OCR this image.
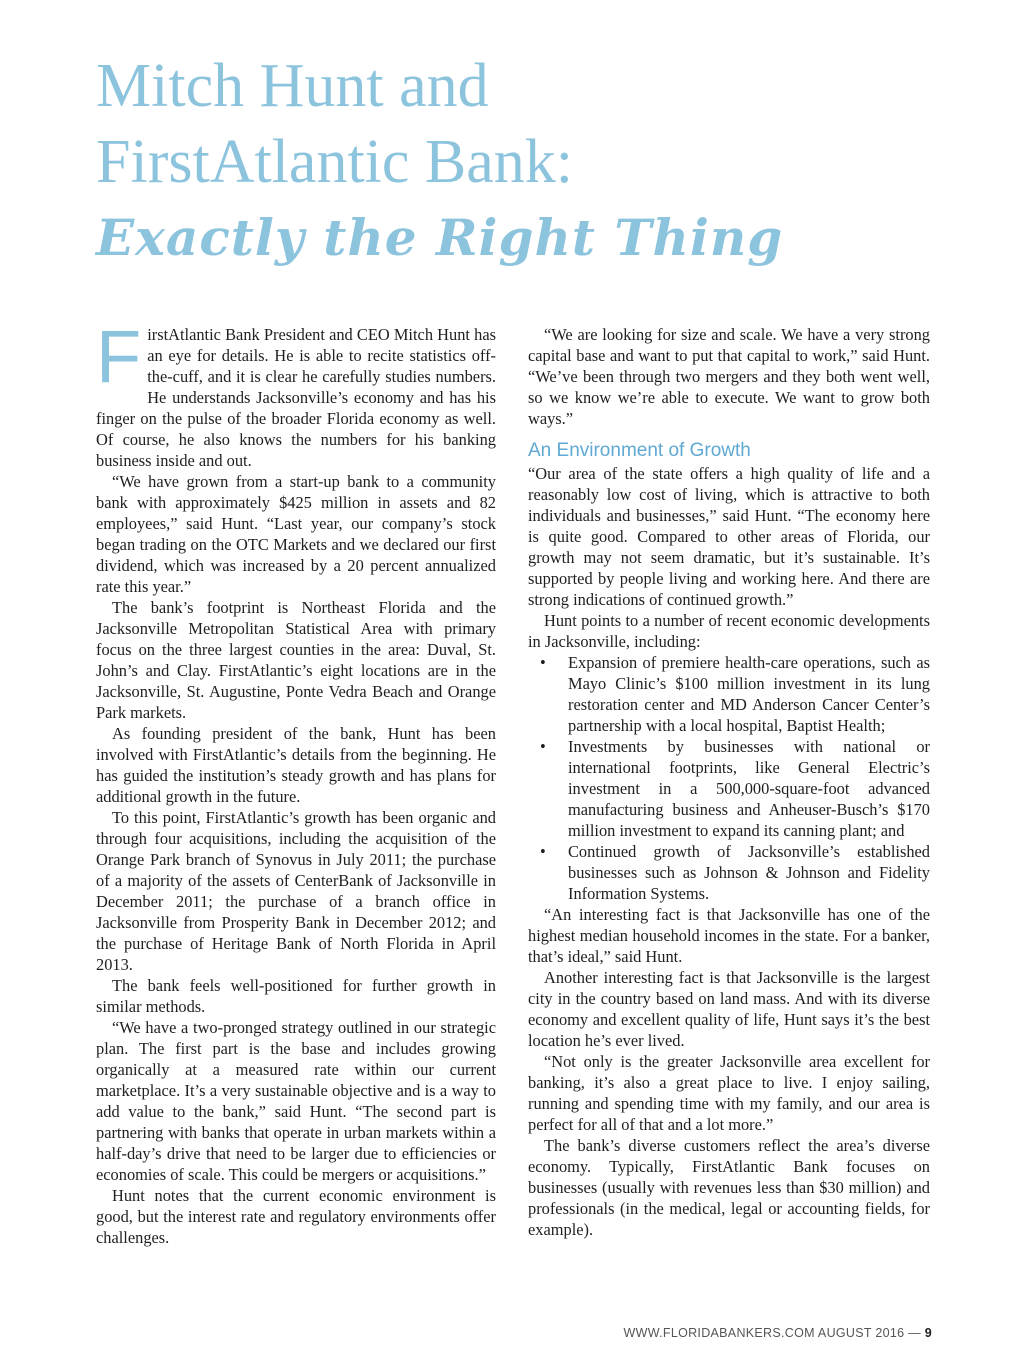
Mitch Hunt and
FirstAtlantic Bank:
Exactly the Right Thing

FirstAtlantic Bank President and CEO Mitch Hunt has an eye for details. He is able to recite statistics off-the-cuff, and it is clear he carefully studies numbers. He understands Jacksonville’s economy and has his finger on the pulse of the broader Florida economy as well. Of course, he also knows the numbers for his banking business inside and out.

“We have grown from a start-up bank to a community bank with approximately $425 million in assets and 82 employees,” said Hunt. “Last year, our company’s stock began trading on the OTC Markets and we declared our first dividend, which was increased by a 20 percent annualized rate this year.”

The bank’s footprint is Northeast Florida and the Jacksonville Metropolitan Statistical Area with primary focus on the three largest counties in the area: Duval, St. John’s and Clay. FirstAtlantic’s eight locations are in the Jacksonville, St. Augustine, Ponte Vedra Beach and Orange Park markets.

As founding president of the bank, Hunt has been involved with FirstAtlantic’s details from the beginning. He has guided the institution’s steady growth and has plans for additional growth in the future.

To this point, FirstAtlantic’s growth has been organic and through four acquisitions, including the acquisition of the Orange Park branch of Synovus in July 2011; the purchase of a majority of the assets of CenterBank of Jacksonville in December 2011; the purchase of a branch office in Jacksonville from Prosperity Bank in December 2012; and the purchase of Heritage Bank of North Florida in April 2013.

The bank feels well-positioned for further growth in similar methods.

“We have a two-pronged strategy outlined in our strategic plan. The first part is the base and includes growing organically at a measured rate within our current marketplace. It’s a very sustainable objective and is a way to add value to the bank,” said Hunt. “The second part is partnering with banks that operate in urban markets within a half-day’s drive that need to be larger due to efficiencies or economies of scale. This could be mergers or acquisitions.”

Hunt notes that the current economic environment is good, but the interest rate and regulatory environments offer challenges.

“We are looking for size and scale. We have a very strong capital base and want to put that capital to work,” said Hunt. “We’ve been through two mergers and they both went well, so we know we’re able to execute. We want to grow both ways.”

An Environment of Growth

“Our area of the state offers a high quality of life and a reasonably low cost of living, which is attractive to both individuals and businesses,” said Hunt. “The economy here is quite good. Compared to other areas of Florida, our growth may not seem dramatic, but it’s sustainable. It’s supported by people living and working here. And there are strong indications of continued growth.”

Hunt points to a number of recent economic developments in Jacksonville, including:

• Expansion of premiere health-care operations, such as Mayo Clinic’s $100 million investment in its lung restoration center and MD Anderson Cancer Center’s partnership with a local hospital, Baptist Health;
• Investments by businesses with national or international footprints, like General Electric’s investment in a 500,000-square-foot advanced manufacturing business and Anheuser-Busch’s $170 million investment to expand its canning plant; and
• Continued growth of Jacksonville’s established businesses such as Johnson & Johnson and Fidelity Information Systems.

“An interesting fact is that Jacksonville has one of the highest median household incomes in the state. For a banker, that’s ideal,” said Hunt.

Another interesting fact is that Jacksonville is the largest city in the country based on land mass. And with its diverse economy and excellent quality of life, Hunt says it’s the best location he’s ever lived.

“Not only is the greater Jacksonville area excellent for banking, it’s also a great place to live. I enjoy sailing, running and spending time with my family, and our area is perfect for all of that and a lot more.”

The bank’s diverse customers reflect the area’s diverse economy. Typically, FirstAtlantic Bank focuses on businesses (usually with revenues less than $30 million) and professionals (in the medical, legal or accounting fields, for example).

WWW.FLORIDABANKERS.COM AUGUST 2016 — 9
